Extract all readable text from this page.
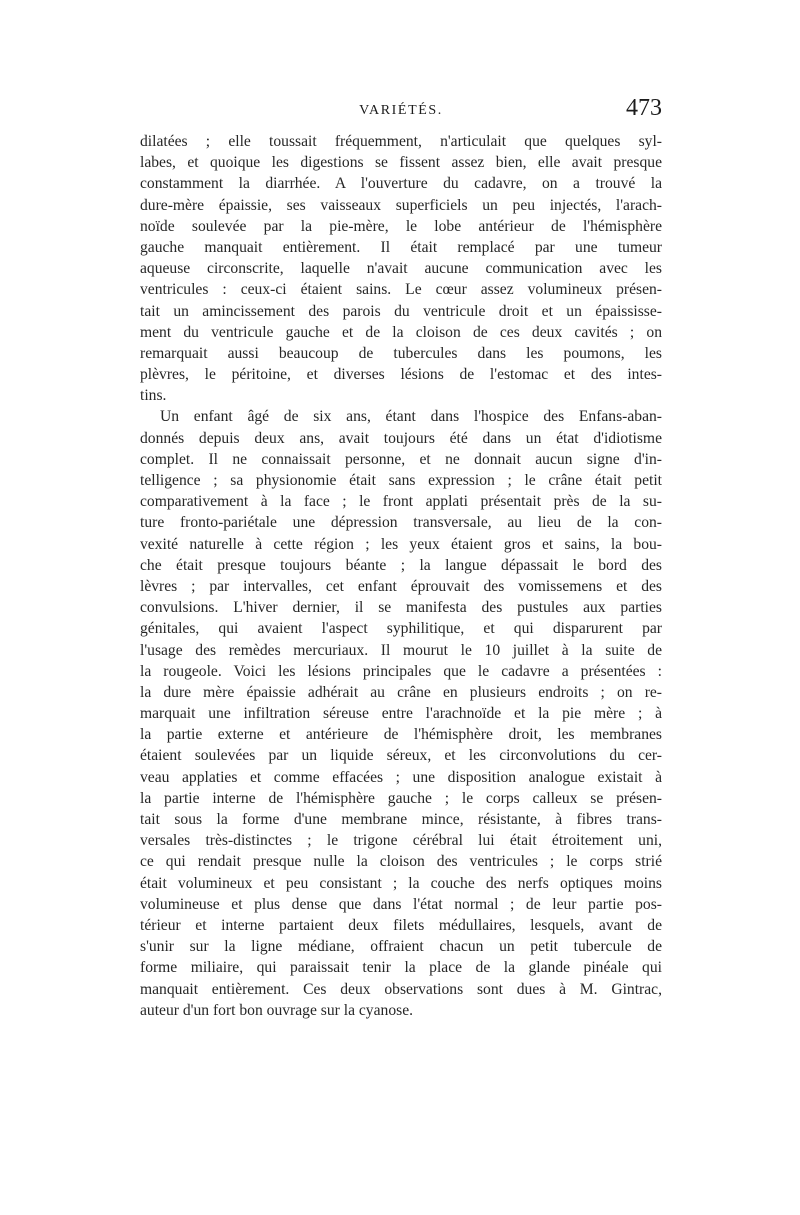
VARIÉTÉS.	473
dilatées ; elle toussait fréquemment, n'articulait que quelques syl-
labes, et quoique les digestions se fissent assez bien, elle avait presque
constamment la diarrhée. A l'ouverture du cadavre, on a trouvé la
dure-mère épaissie, ses vaisseaux superficiels un peu injectés, l'arach-
noïde soulevée par la pie-mère, le lobe antérieur de l'hémisphère
gauche manquait entièrement. Il était remplacé par une tumeur
aqueuse circonscrite, laquelle n'avait aucune communication avec les
ventricules : ceux-ci étaient sains. Le cœur assez volumineux présen-
tait un amincissement des parois du ventricule droit et un épaississe-
ment du ventricule gauche et de la cloison de ces deux cavités ; on
remarquait aussi beaucoup de tubercules dans les poumons, les
plèvres, le péritoine, et diverses lésions de l'estomac et des intes-
tins.
Un enfant âgé de six ans, étant dans l'hospice des Enfans-aban-
donnés depuis deux ans, avait toujours été dans un état d'idiotisme
complet. Il ne connaissait personne, et ne donnait aucun signe d'in-
telligence ; sa physionomie était sans expression ; le crâne était petit
comparativement à la face ; le front applati présentait près de la su-
ture fronto-pariétale une dépression transversale, au lieu de la con-
vexité naturelle à cette région ; les yeux étaient gros et sains, la bou-
che était presque toujours béante ; la langue dépassait le bord des
lèvres ; par intervalles, cet enfant éprouvait des vomissemens et des
convulsions. L'hiver dernier, il se manifesta des pustules aux parties
génitales, qui avaient l'aspect syphilitique, et qui disparurent par
l'usage des remèdes mercuriaux. Il mourut le 10 juillet à la suite de
la rougeole. Voici les lésions principales que le cadavre a présentées :
la dure mère épaissie adhérait au crâne en plusieurs endroits ; on re-
marquait une infiltration séreuse entre l'arachnoïde et la pie mère ; à
la partie externe et antérieure de l'hémisphère droit, les membranes
étaient soulevées par un liquide séreux, et les circonvolutions du cer-
veau applaties et comme effacées ; une disposition analogue existait à
la partie interne de l'hémisphère gauche ; le corps calleux se présen-
tait sous la forme d'une membrane mince, résistante, à fibres trans-
versales très-distinctes ; le trigone cérébral lui était étroitement uni,
ce qui rendait presque nulle la cloison des ventricules ; le corps strié
était volumineux et peu consistant ; la couche des nerfs optiques moins
volumineuse et plus dense que dans l'état normal ; de leur partie pos-
térieur et interne partaient deux filets médullaires, lesquels, avant de
s'unir sur la ligne médiane, offraient chacun un petit tubercule de
forme miliaire, qui paraissait tenir la place de la glande pinéale qui
manquait entièrement. Ces deux observations sont dues à M. Gintrac,
auteur d'un fort bon ouvrage sur la cyanose.
